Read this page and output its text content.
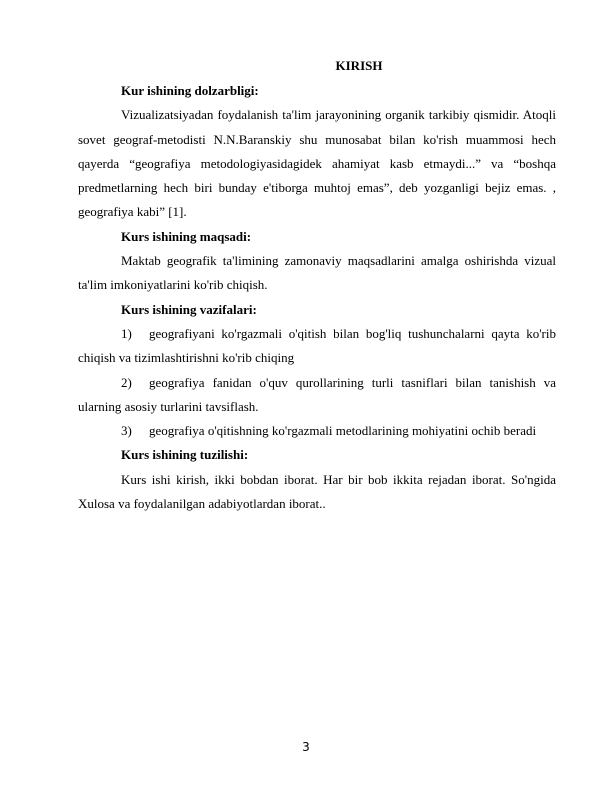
KIRISH
Kur ishining dolzarbligi:
Vizualizatsiyadan foydalanish ta'lim jarayonining organik tarkibiy qismidir. Atoqli sovet geograf-metodisti N.N.Baranskiy shu munosabat bilan ko'rish muammosi hech qayerda “geografiya metodologiyasidagidek ahamiyat kasb etmaydi...” va “boshqa predmetlarning hech biri bunday e'tiborga muhtoj emas”, deb yozganligi bejiz emas. , geografiya kabi” [1].
Kurs ishining maqsadi:
Maktab geografik ta'limining zamonaviy maqsadlarini amalga oshirishda vizual ta'lim imkoniyatlarini ko'rib chiqish.
Kurs ishining vazifalari:
1) geografiyani ko'rgazmali o'qitish bilan bog'liq tushunchalarni qayta ko'rib chiqish va tizimlashtirishni ko'rib chiqing
2) geografiya fanidan o'quv qurollarining turli tasniflari bilan tanishish va ularning asosiy turlarini tavsiflash.
3) geografiya o'qitishning ko'rgazmali metodlarining mohiyatini ochib beradi
Kurs ishining tuzilishi:
Kurs ishi kirish, ikki bobdan iborat. Har bir bob ikkita rejadan iborat. So'ngida Xulosa va foydalanilgan adabiyotlardan iborat..
3
